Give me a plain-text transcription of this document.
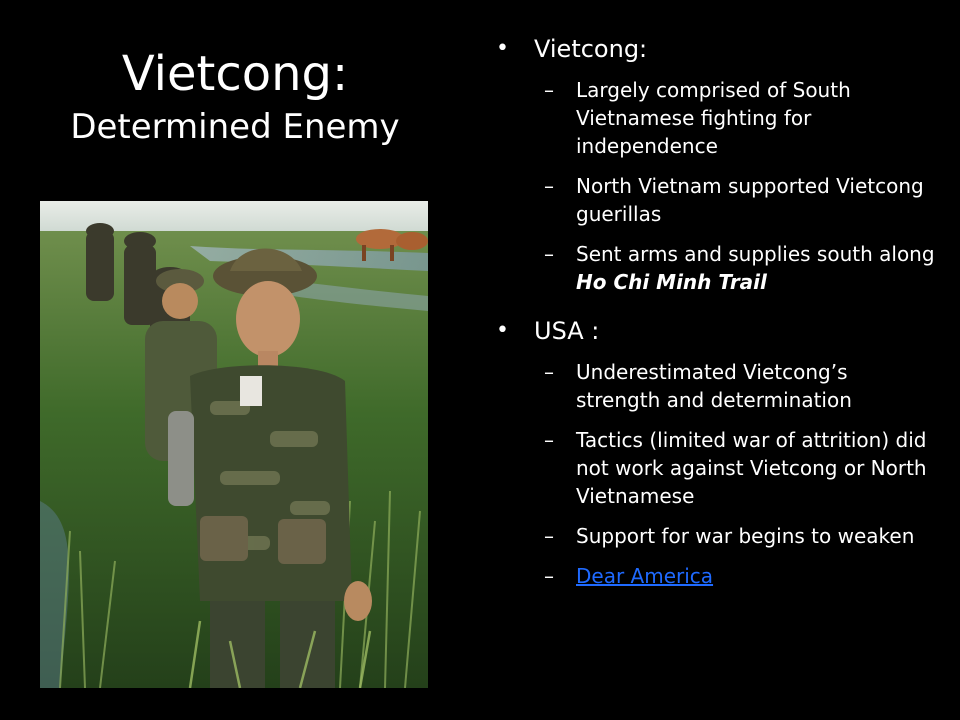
Vietcong:
Determined Enemy
• Vietcong:
– Largely comprised of South Vietnamese fighting for independence
– North Vietnam supported Vietcong guerillas
– Sent arms and supplies south along Ho Chi Minh Trail
• USA :
– Underestimated Vietcong’s strength and determination
– Tactics (limited war of attrition) did not work against Vietcong or North Vietnamese
– Support for war begins to weaken
– Dear America
